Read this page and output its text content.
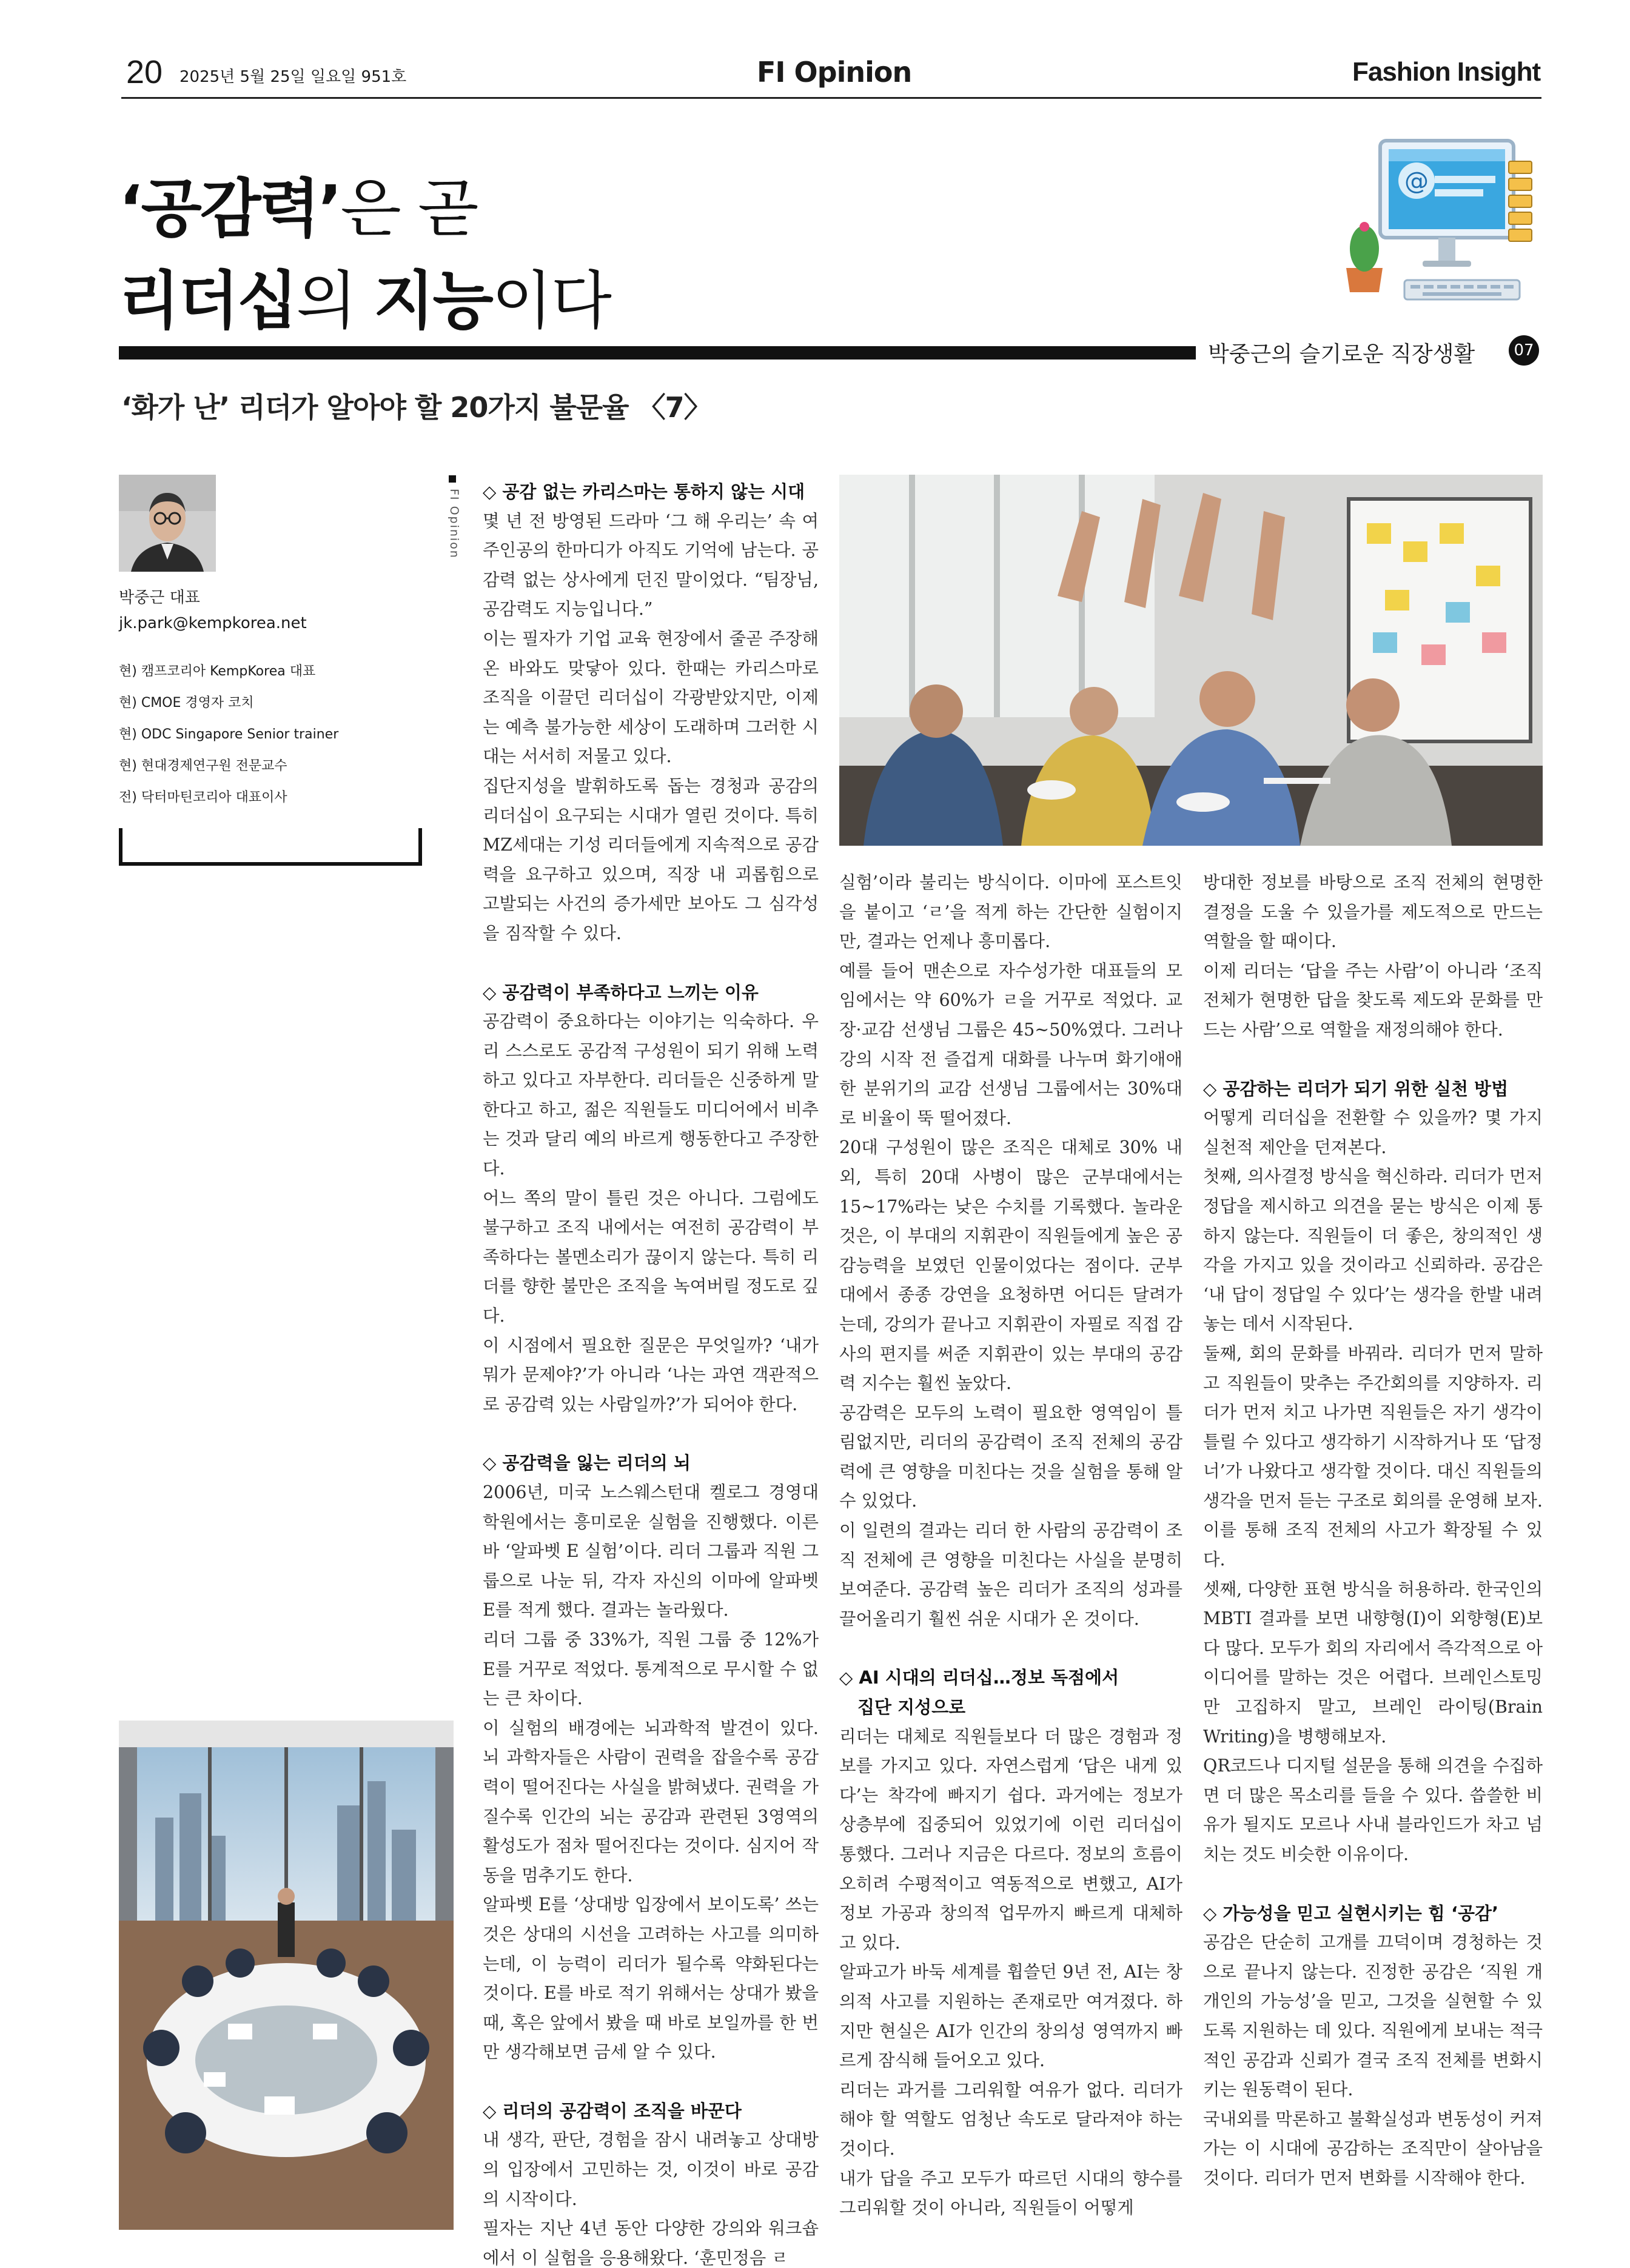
20 2025년 5월 25일 일요일 951호	FI Opinion	Fashion Insight
‘공감력’은 곧
리더십의 지능이다
@
박중근의 슬기로운 직장생활	07
‘화가 난’ 리더가 알아야 할 20가지 불문율 〈7〉
박중근 대표
jk.park@kempkorea.net
현) 캠프코리아 KempKorea 대표
현) CMOE 경영자 코치
현) ODC Singapore Senior trainer
현) 현대경제연구원 전문교수
전) 닥터마틴코리아 대표이사
FI Opinion ◇ 공감 없는 카리스마는 통하지 않는 시대

몇 년 전 방영된 드라마 ‘그 해 우리는’ 속 여주인공의 한마디가 아직도 기억에 남는다. 공감력 없는 상사에게 던진 말이었다. “팀장님, 공감력도 지능입니다.”

이는 필자가 기업 교육 현장에서 줄곧 주장해온 바와도 맞닿아 있다. 한때는 카리스마로 조직을 이끌던 리더십이 각광받았지만, 이제는 예측 불가능한 세상이 도래하며 그러한 시대는 서서히 저물고 있다.

집단지성을 발휘하도록 돕는 경청과 공감의 리더십이 요구되는 시대가 열린 것이다. 특히 MZ세대는 기성 리더들에게 지속적으로 공감력을 요구하고 있으며, 직장 내 괴롭힘으로 고발되는 사건의 증가세만 보아도 그 심각성을 짐작할 수 있다.

◇ 공감력이 부족하다고 느끼는 이유

공감력이 중요하다는 이야기는 익숙하다. 우리 스스로도 공감적 구성원이 되기 위해 노력하고 있다고 자부한다. 리더들은 신중하게 말한다고 하고, 젊은 직원들도 미디어에서 비추는 것과 달리 예의 바르게 행동한다고 주장한다.

어느 쪽의 말이 틀린 것은 아니다. 그럼에도 불구하고 조직 내에서는 여전히 공감력이 부족하다는 볼멘소리가 끊이지 않는다. 특히 리더를 향한 불만은 조직을 녹여버릴 정도로 깊다.

이 시점에서 필요한 질문은 무엇일까? ‘내가 뭐가 문제야?’가 아니라 ‘나는 과연 객관적으로 공감력 있는 사람일까?’가 되어야 한다.

◇ 공감력을 잃는 리더의 뇌

2006년, 미국 노스웨스턴대 켈로그 경영대학원에서는 흥미로운 실험을 진행했다. 이른바 ‘알파벳 E 실험’이다. 리더 그룹과 직원 그룹으로 나눈 뒤, 각자 자신의 이마에 알파벳 E를 적게 했다. 결과는 놀라웠다.

리더 그룹 중 33%가, 직원 그룹 중 12%가 E를 거꾸로 적었다. 통계적으로 무시할 수 없는 큰 차이다.

이 실험의 배경에는 뇌과학적 발견이 있다. 뇌 과학자들은 사람이 권력을 잡을수록 공감력이 떨어진다는 사실을 밝혀냈다. 권력을 가질수록 인간의 뇌는 공감과 관련된 3영역의 활성도가 점차 떨어진다는 것이다. 심지어 작동을 멈추기도 한다.

알파벳 E를 ‘상대방 입장에서 보이도록’ 쓰는 것은 상대의 시선을 고려하는 사고를 의미하는데, 이 능력이 리더가 될수록 약화된다는 것이다. E를 바로 적기 위해서는 상대가 봤을 때, 혹은 앞에서 봤을 때 바로 보일까를 한 번만 생각해보면 금세 알 수 있다.

◇ 리더의 공감력이 조직을 바꾼다

내 생각, 판단, 경험을 잠시 내려놓고 상대방의 입장에서 고민하는 것, 이것이 바로 공감의 시작이다.

필자는 지난 4년 동안 다양한 강의와 워크숍에서 이 실험을 응용해왔다. ‘훈민정음 ㄹ

실험’이라 불리는 방식이다. 이마에 포스트잇을 붙이고 ‘ㄹ’을 적게 하는 간단한 실험이지만, 결과는 언제나 흥미롭다.

예를 들어 맨손으로 자수성가한 대표들의 모임에서는 약 60%가 ㄹ을 거꾸로 적었다. 교장·교감 선생님 그룹은 45~50%였다. 그러나 강의 시작 전 즐겁게 대화를 나누며 화기애애한 분위기의 교감 선생님 그룹에서는 30%대로 비율이 뚝 떨어졌다.

20대 구성원이 많은 조직은 대체로 30% 내외, 특히 20대 사병이 많은 군부대에서는 15~17%라는 낮은 수치를 기록했다. 놀라운 것은, 이 부대의 지휘관이 직원들에게 높은 공감능력을 보였던 인물이었다는 점이다. 군부대에서 종종 강연을 요청하면 어디든 달려가는데, 강의가 끝나고 지휘관이 자필로 직접 감사의 편지를 써준 지휘관이 있는 부대의 공감력 지수는 훨씬 높았다.

공감력은 모두의 노력이 필요한 영역임이 틀림없지만, 리더의 공감력이 조직 전체의 공감력에 큰 영향을 미친다는 것을 실험을 통해 알 수 있었다.

이 일련의 결과는 리더 한 사람의 공감력이 조직 전체에 큰 영향을 미친다는 사실을 분명히 보여준다. 공감력 높은 리더가 조직의 성과를 끌어올리기 훨씬 쉬운 시대가 온 것이다.

◇ AI 시대의 리더십…정보 독점에서
집단 지성으로

리더는 대체로 직원들보다 더 많은 경험과 정보를 가지고 있다. 자연스럽게 ‘답은 내게 있다’는 착각에 빠지기 쉽다. 과거에는 정보가 상층부에 집중되어 있었기에 이런 리더십이 통했다. 그러나 지금은 다르다. 정보의 흐름이 오히려 수평적이고 역동적으로 변했고, AI가 정보 가공과 창의적 업무까지 빠르게 대체하고 있다.

알파고가 바둑 세계를 휩쓸던 9년 전, AI는 창의적 사고를 지원하는 존재로만 여겨졌다. 하지만 현실은 AI가 인간의 창의성 영역까지 빠르게 잠식해 들어오고 있다.

리더는 과거를 그리워할 여유가 없다. 리더가 해야 할 역할도 엄청난 속도로 달라져야 하는 것이다.

내가 답을 주고 모두가 따르던 시대의 향수를 그리워할 것이 아니라, 직원들이 어떻게

방대한 정보를 바탕으로 조직 전체의 현명한 결정을 도울 수 있을가를 제도적으로 만드는 역할을 할 때이다.

이제 리더는 ‘답을 주는 사람’이 아니라 ‘조직 전체가 현명한 답을 찾도록 제도와 문화를 만드는 사람’으로 역할을 재정의해야 한다.

◇ 공감하는 리더가 되기 위한 실천 방법

어떻게 리더십을 전환할 수 있을까? 몇 가지 실천적 제안을 던져본다.

첫째, 의사결정 방식을 혁신하라. 리더가 먼저 정답을 제시하고 의견을 묻는 방식은 이제 통하지 않는다. 직원들이 더 좋은, 창의적인 생각을 가지고 있을 것이라고 신뢰하라. 공감은 ‘내 답이 정답일 수 있다’는 생각을 한발 내려놓는 데서 시작된다.

둘째, 회의 문화를 바꿔라. 리더가 먼저 말하고 직원들이 맞추는 주간회의를 지양하자. 리더가 먼저 치고 나가면 직원들은 자기 생각이 틀릴 수 있다고 생각하기 시작하거나 또 ‘답정너’가 나왔다고 생각할 것이다. 대신 직원들의 생각을 먼저 듣는 구조로 회의를 운영해 보자. 이를 통해 조직 전체의 사고가 확장될 수 있다.

셋째, 다양한 표현 방식을 허용하라. 한국인의 MBTI 결과를 보면 내향형(I)이 외향형(E)보다 많다. 모두가 회의 자리에서 즉각적으로 아이디어를 말하는 것은 어렵다. 브레인스토밍만 고집하지 말고, 브레인 라이팅(Brain Writing)을 병행해보자.

QR코드나 디지털 설문을 통해 의견을 수집하면 더 많은 목소리를 들을 수 있다. 씁쓸한 비유가 될지도 모르나 사내 블라인드가 차고 넘치는 것도 비슷한 이유이다.

◇ 가능성을 믿고 실현시키는 힘 ‘공감’

공감은 단순히 고개를 끄덕이며 경청하는 것으로 끝나지 않는다. 진정한 공감은 ‘직원 개개인의 가능성’을 믿고, 그것을 실현할 수 있도록 지원하는 데 있다. 직원에게 보내는 적극적인 공감과 신뢰가 결국 조직 전체를 변화시키는 원동력이 된다.

국내외를 막론하고 불확실성과 변동성이 커져가는 이 시대에 공감하는 조직만이 살아남을 것이다. 리더가 먼저 변화를 시작해야 한다.
